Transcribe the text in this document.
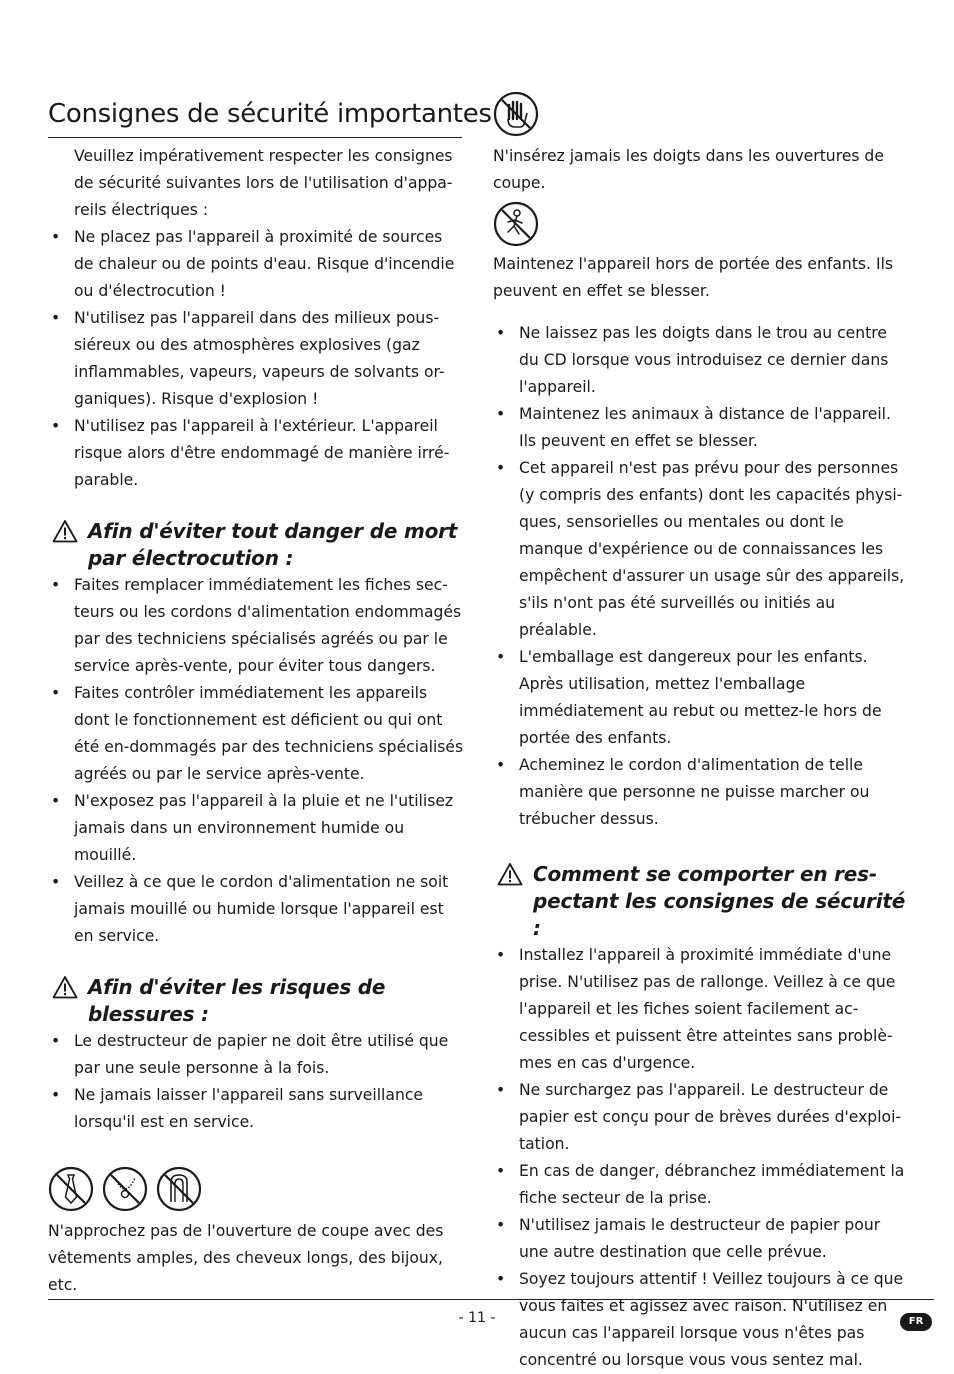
Consignes de sécurité importantes

Veuillez impérativement respecter les consignes de sécurité suivantes lors de l'utilisation d'appa-reils électriques :

• Ne placez pas l'appareil à proximité de sources de chaleur ou de points d'eau. Risque d'incendie ou d'électrocution !
• N'utilisez pas l'appareil dans des milieux pous-siéreux ou des atmosphères explosives (gaz inflammables, vapeurs, vapeurs de solvants or-ganiques). Risque d'explosion !
• N'utilisez pas l'appareil à l'extérieur. L'appareil risque alors d'être endommagé de manière irré-parable.
Afin d'éviter tout danger de mort par électrocution :
• Faites remplacer immédiatement les fiches sec-teurs ou les cordons d'alimentation endommagés par des techniciens spécialisés agréés ou par le service après-vente, pour éviter tous dangers.
• Faites contrôler immédiatement les appareils dont le fonctionnement est déficient ou qui ont été en-dommagés par des techniciens spécialisés agréés ou par le service après-vente.
• N'exposez pas l'appareil à la pluie et ne l'utilisez jamais dans un environnement humide ou mouillé.
• Veillez à ce que le cordon d'alimentation ne soit jamais mouillé ou humide lorsque l'appareil est en service.
Afin d'éviter les risques de blessures :
• Le destructeur de papier ne doit être utilisé que par une seule personne à la fois.
• Ne jamais laisser l'appareil sans surveillance lorsqu'il est en service.

N'approchez pas de l'ouverture de coupe avec des vêtements amples, des cheveux longs, des bijoux, etc.

N'insérez jamais les doigts dans les ouvertures de coupe.

Maintenez l'appareil hors de portée des enfants. Ils peuvent en effet se blesser.

• Ne laissez pas les doigts dans le trou au centre du CD lorsque vous introduisez ce dernier dans l'appareil.
• Maintenez les animaux à distance de l'appareil. Ils peuvent en effet se blesser.
• Cet appareil n'est pas prévu pour des personnes (y compris des enfants) dont les capacités physi-ques, sensorielles ou mentales ou dont le manque d'expérience ou de connaissances les empêchent d'assurer un usage sûr des appareils, s'ils n'ont pas été surveillés ou initiés au préalable.
• L'emballage est dangereux pour les enfants. Après utilisation, mettez l'emballage immédiatement au rebut ou mettez-le hors de portée des enfants.
• Acheminez le cordon d'alimentation de telle manière que personne ne puisse marcher ou trébucher dessus.
Comment se comporter en res-pectant les consignes de sécurité :
• Installez l'appareil à proximité immédiate d'une prise. N'utilisez pas de rallonge. Veillez à ce que l'appareil et les fiches soient facilement ac-cessibles et puissent être atteintes sans problè-mes en cas d'urgence.
• Ne surchargez pas l'appareil. Le destructeur de papier est conçu pour de brèves durées d'exploi-tation.
• En cas de danger, débranchez immédiatement la fiche secteur de la prise.
• N'utilisez jamais le destructeur de papier pour une autre destination que celle prévue.
• Soyez toujours attentif ! Veillez toujours à ce que vous faites et agissez avec raison. N'utilisez en aucun cas l'appareil lorsque vous n'êtes pas concentré ou lorsque vous vous sentez mal.
- 11 -	FR
